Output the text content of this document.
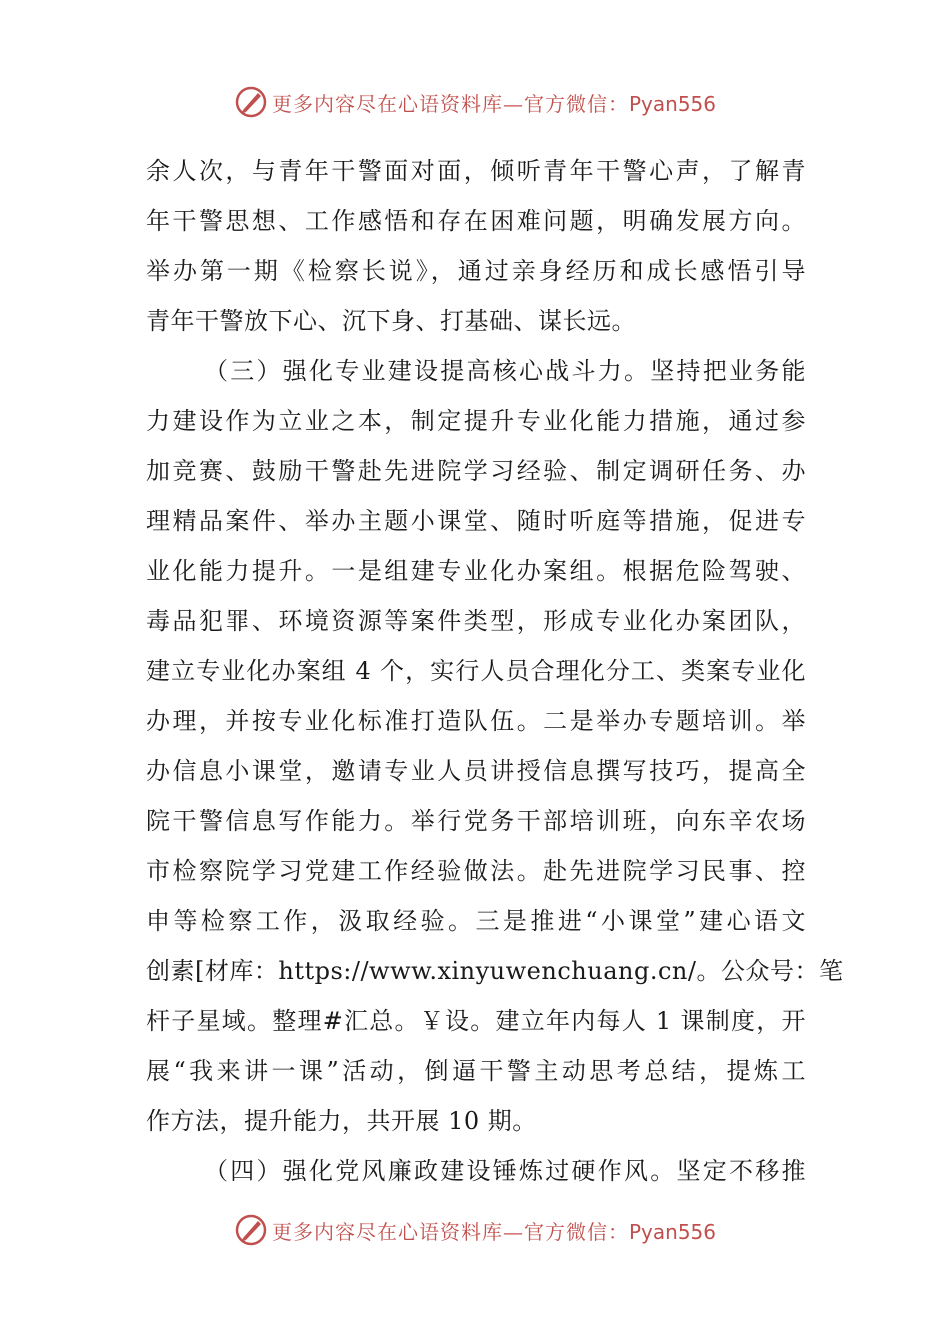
更多内容尽在心语资料库—官方微信：Pyan556
余人次，与青年干警面对面，倾听青年干警心声，了解青
年干警思想、工作感悟和存在困难问题，明确发展方向。
举办第一期《检察长说》，通过亲身经历和成长感悟引导
青年干警放下心、沉下身、打基础、谋长远。
（三）强化专业建设提高核心战斗力。坚持把业务能
力建设作为立业之本，制定提升专业化能力措施，通过参
加竞赛、鼓励干警赴先进院学习经验、制定调研任务、办
理精品案件、举办主题小课堂、随时听庭等措施，促进专
业化能力提升。一是组建专业化办案组。根据危险驾驶、
毒品犯罪、环境资源等案件类型，形成专业化办案团队，
建立专业化办案组 4 个，实行人员合理化分工、类案专业化
办理，并按专业化标准打造队伍。二是举办专题培训。举
办信息小课堂，邀请专业人员讲授信息撰写技巧，提高全
院干警信息写作能力。举行党务干部培训班，向东辛农场
市检察院学习党建工作经验做法。赴先进院学习民事、控
申等检察工作，汲取经验。三是推进“小课堂”建心语文
创素[材库：https://www.xinyuwenchuang.cn/。公众号：笔
杆子星域。整理#汇总。￥设。建立年内每人 1 课制度，开
展“我来讲一课”活动，倒逼干警主动思考总结，提炼工
作方法，提升能力，共开展 10 期。
（四）强化党风廉政建设锤炼过硬作风。坚定不移推
更多内容尽在心语资料库—官方微信：Pyan556
